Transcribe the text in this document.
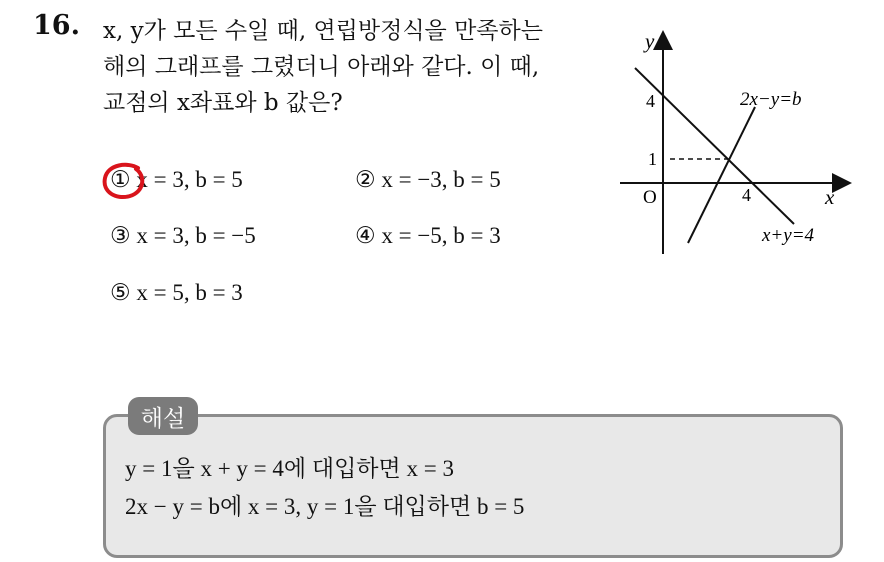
16. x, y가 모든 수일 때, 연립방정식을 만족하는
해의 그래프를 그렸더니 아래와 같다. 이 때,
교점의 x좌표와 b 값은?
① x = 3, b = 5	② x = −3, b = 5
③ x = 3, b = −5	④ x = −5, b = 3
⑤ x = 5, b = 3
y
x
O
4
1
4
2x−y=b
x+y=4
해설
y = 1을 x + y = 4에 대입하면 x = 3
2x − y = b에 x = 3, y = 1을 대입하면 b = 5
